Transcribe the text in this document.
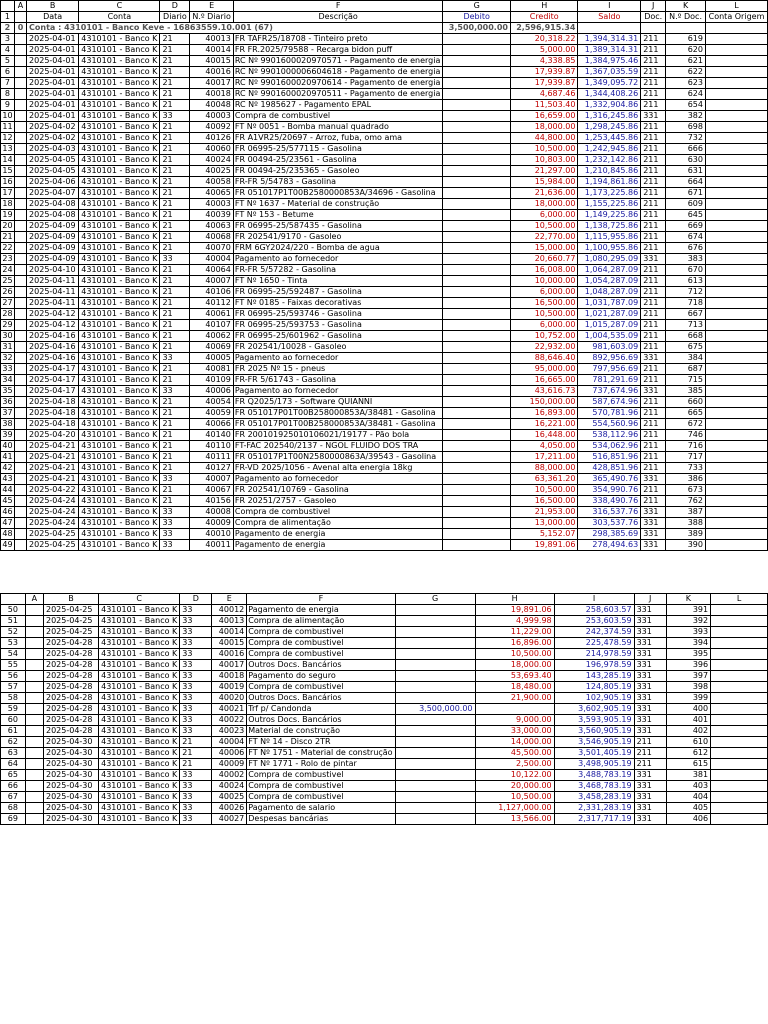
	A	B	C	D	E	F	G	H	I	J	K	L
1		Data	Conta	Diario	N.º Diario	Descrição	Debito	Credito	Saldo	Doc.	N.º Doc.	Conta Origem
2	0	Conta : 4310101 - Banco Keve - 16863559.10.001 (67)					3,500,000.00	2,596,915.34				
3		2025-04-01	4310101 - Banco K	21	40013	FR TAFR25/18708 - Tinteiro preto		20,318.22	1,394,314.31	211	619	
4		2025-04-01	4310101 - Banco K	21	40014	FR FR.2025/79588 - Recarga bidon puff		5,000.00	1,389,314.31	211	620	
5		2025-04-01	4310101 - Banco K	21	40015	RC Nº 9901600020970571 - Pagamento de energia		4,338.85	1,384,975.46	211	621	
6		2025-04-01	4310101 - Banco K	21	40016	RC Nº 9901000006604618 - Pagamento de energia		17,939.87	1,367,035.59	211	622	
7		2025-04-01	4310101 - Banco K	21	40017	RC Nº 9901600020970614 - Pagamento de energia		17,939.87	1,349,095.72	211	623	
8		2025-04-01	4310101 - Banco K	21	40018	RC Nº 9901600020970511 - Pagamento de energia		4,687.46	1,344,408.26	211	624	
9		2025-04-01	4310101 - Banco K	21	40048	RC Nº 1985627 - Pagamento EPAL		11,503.40	1,332,904.86	211	654	
10		2025-04-01	4310101 - Banco K	33	40003	Compra de combustivel		16,659.00	1,316,245.86	331	382	
11		2025-04-02	4310101 - Banco K	21	40092	FT Nº 0051 - Bomba manual quadrado		18,000.00	1,298,245.86	211	698	
12		2025-04-02	4310101 - Banco K	21	40126	FR A1VR25/20697 - Arroz, fuba, omo ama		44,800.00	1,253,445.86	211	732	
13		2025-04-03	4310101 - Banco K	21	40060	FR 06995-25/577115 - Gasolina		10,500.00	1,242,945.86	211	666	
14		2025-04-05	4310101 - Banco K	21	40024	FR 00494-25/23561 - Gasolina		10,803.00	1,232,142.86	211	630	
15		2025-04-05	4310101 - Banco K	21	40025	FR 00494-25/235365 - Gasoleo		21,297.00	1,210,845.86	211	631	
16		2025-04-06	4310101 - Banco K	21	40058	FR-FR 5/54783 - Gasolina		15,984.00	1,194,861.86	211	664	
17		2025-04-07	4310101 - Banco K	21	40065	FR 051017P1T00B2580000853A/34696 - Gasolina		21,636.00	1,173,225.86	211	671	
18		2025-04-08	4310101 - Banco K	21	40003	FT Nº 1637 - Material de construção		18,000.00	1,155,225.86	211	609	
19		2025-04-08	4310101 - Banco K	21	40039	FT Nº 153 - Betume		6,000.00	1,149,225.86	211	645	
20		2025-04-09	4310101 - Banco K	21	40063	FR 06995-25/587435 - Gasolina		10,500.00	1,138,725.86	211	669	
21		2025-04-09	4310101 - Banco K	21	40068	FR 202541/9170 - Gasoleo		22,770.00	1,115,955.86	211	674	
22		2025-04-09	4310101 - Banco K	21	40070	FRM 6GY2024/220 - Bomba de agua		15,000.00	1,100,955.86	211	676	
23		2025-04-09	4310101 - Banco K	33	40004	Pagamento ao fornecedor		20,660.77	1,080,295.09	331	383	
24		2025-04-10	4310101 - Banco K	21	40064	FR-FR 5/57282 - Gasolina		16,008.00	1,064,287.09	211	670	
25		2025-04-11	4310101 - Banco K	21	40007	FT Nº 1650 - Tinta		10,000.00	1,054,287.09	211	613	
26		2025-04-11	4310101 - Banco K	21	40106	FR 06995-25/592487 - Gasolina		6,000.00	1,048,287.09	211	712	
27		2025-04-11	4310101 - Banco K	21	40112	FT Nº 0185 - Faixas decorativas		16,500.00	1,031,787.09	211	718	
28		2025-04-12	4310101 - Banco K	21	40061	FR 06995-25/593746 - Gasolina		10,500.00	1,021,287.09	211	667	
29		2025-04-12	4310101 - Banco K	21	40107	FR 06995-25/593753 - Gasolina		6,000.00	1,015,287.09	211	713	
30		2025-04-16	4310101 - Banco K	21	40062	FR 06995-25/601962 - Gasolina		10,752.00	1,004,535.09	211	668	
31		2025-04-16	4310101 - Banco K	21	40069	FR 202541/10028 - Gasoleo		22,932.00	981,603.09	211	675	
32		2025-04-16	4310101 - Banco K	33	40005	Pagamento ao fornecedor		88,646.40	892,956.69	331	384	
33		2025-04-17	4310101 - Banco K	21	40081	FR 2025 Nº 15 - pneus		95,000.00	797,956.69	211	687	
34		2025-04-17	4310101 - Banco K	21	40109	FR-FR 5/61743 - Gasolina		16,665.00	781,291.69	211	715	
35		2025-04-17	4310101 - Banco K	33	40006	Pagamento ao fornecedor		43,616.73	737,674.96	331	385	
36		2025-04-18	4310101 - Banco K	21	40054	FR Q2025/173 - Software QUIANNI		150,000.00	587,674.96	211	660	
37		2025-04-18	4310101 - Banco K	21	40059	FR 051017P01T00B258000853A/38481 - Gasolina		16,893.00	570,781.96	211	665	
38		2025-04-18	4310101 - Banco K	21	40066	FR 051017P01T00B258000853A/38481 - Gasolina		16,221.00	554,560.96	211	672	
39		2025-04-20	4310101 - Banco K	21	40140	FR 200101925010106021/19177 - Pão bola		16,448.00	538,112.96	211	746	
40		2025-04-21	4310101 - Banco K	21	40110	FT-FAC 202540/2137 - NGOL FLUIDO DOS TRA		4,050.00	534,062.96	211	716	
41		2025-04-21	4310101 - Banco K	21	40111	FR 051017P1T00N2580000863A/39543 - Gasolina		17,211.00	516,851.96	211	717	
42		2025-04-21	4310101 - Banco K	21	40127	FR-VD 2025/1056 - Avenal alta energia 18kg		88,000.00	428,851.96	211	733	
43		2025-04-21	4310101 - Banco K	33	40007	Pagamento ao fornecedor		63,361.20	365,490.76	331	386	
44		2025-04-22	4310101 - Banco K	21	40067	FR 202541/10769 - Gasolina		10,500.00	354,990.76	211	673	
45		2025-04-24	4310101 - Banco K	21	40156	FR 20251/2757 - Gasoleo		16,500.00	338,490.76	211	762	
46		2025-04-24	4310101 - Banco K	33	40008	Compra de combustivel		21,953.00	316,537.76	331	387	
47		2025-04-24	4310101 - Banco K	33	40009	Compra de alimentação		13,000.00	303,537.76	331	388	
48		2025-04-25	4310101 - Banco K	33	40010	Pagamento de energia		5,152.07	298,385.69	331	389	
49		2025-04-25	4310101 - Banco K	33	40011	Pagamento de energia		19,891.06	278,494.63	331	390	
	A	B	C	D	E	F	G	H	I	J	K	L
50		2025-04-25	4310101 - Banco K	33	40012	Pagamento de energia		19,891.06	258,603.57	331	391	
51		2025-04-25	4310101 - Banco K	33	40013	Compra de alimentação		4,999.98	253,603.59	331	392	
52		2025-04-25	4310101 - Banco K	33	40014	Compra de combustivel		11,229.00	242,374.59	331	393	
53		2025-04-28	4310101 - Banco K	33	40015	Compra de combustivel		16,896.00	225,478.59	331	394	
54		2025-04-28	4310101 - Banco K	33	40016	Compra de combustivel		10,500.00	214,978.59	331	395	
55		2025-04-28	4310101 - Banco K	33	40017	Outros Docs. Bancários		18,000.00	196,978.59	331	396	
56		2025-04-28	4310101 - Banco K	33	40018	Pagamento do seguro		53,693.40	143,285.19	331	397	
57		2025-04-28	4310101 - Banco K	33	40019	Compra de combustivel		18,480.00	124,805.19	331	398	
58		2025-04-28	4310101 - Banco K	33	40020	Outros Docs. Bancários		21,900.00	102,905.19	331	399	
59		2025-04-28	4310101 - Banco K	33	40021	Trf p/ Candonda	3,500,000.00		3,602,905.19	331	400	
60		2025-04-28	4310101 - Banco K	33	40022	Outros Docs. Bancários		9,000.00	3,593,905.19	331	401	
61		2025-04-28	4310101 - Banco K	33	40023	Material de construção		33,000.00	3,560,905.19	331	402	
62		2025-04-30	4310101 - Banco K	21	40004	FT Nº 14 - Disco 2TR		14,000.00	3,546,905.19	211	610	
63		2025-04-30	4310101 - Banco K	21	40006	FT Nº 1751 - Material de construção		45,500.00	3,501,405.19	211	612	
64		2025-04-30	4310101 - Banco K	21	40009	FT Nº 1771 - Rolo de pintar		2,500.00	3,498,905.19	211	615	
65		2025-04-30	4310101 - Banco K	33	40002	Compra de combustivel		10,122.00	3,488,783.19	331	381	
66		2025-04-30	4310101 - Banco K	33	40024	Compra de combustivel		20,000.00	3,468,783.19	331	403	
67		2025-04-30	4310101 - Banco K	33	40025	Compra de combustivel		10,500.00	3,458,283.19	331	404	
68		2025-04-30	4310101 - Banco K	33	40026	Pagamento de salario		1,127,000.00	2,331,283.19	331	405	
69		2025-04-30	4310101 - Banco K	33	40027	Despesas bancárias		13,566.00	2,317,717.19	331	406	
